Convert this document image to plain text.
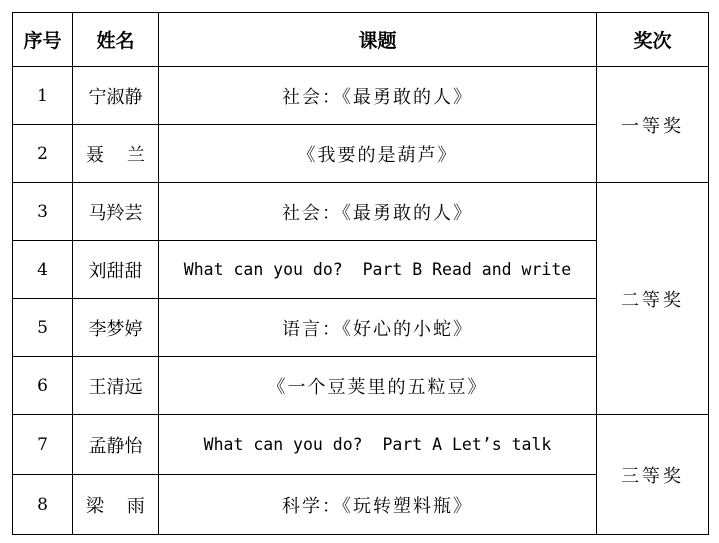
序号	姓名	课题	奖次
1	宁淑静	社会：《最勇敢的人》	一等奖
2	聂    兰	《我要的是葫芦》	
3	马羚芸	社会：《最勇敢的人》	二等奖
4	刘甜甜	What can you do?  Part B Read and write	
5	李梦婷	语言：《好心的小蛇》	
6	王清远	《一个豆荚里的五粒豆》	
7	孟静怡	What can you do?  Part A Let’s talk	三等奖
8	梁    雨	科学：《玩转塑料瓶》	
